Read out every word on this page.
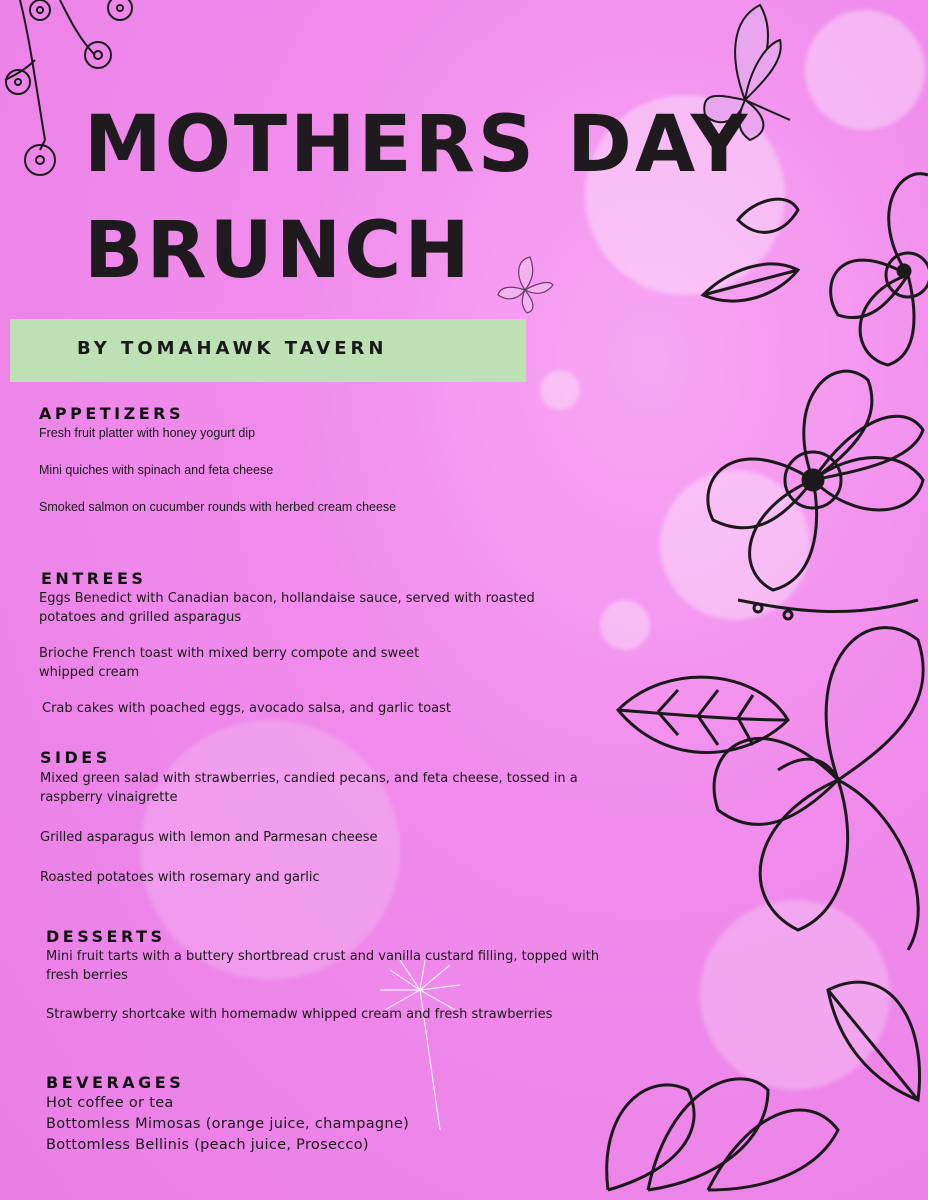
MOTHERS DAY
BRUNCH
BY TOMAHAWK TAVERN
APPETIZERS

Fresh fruit platter with honey yogurt dip

Mini quiches with spinach and feta cheese

Smoked salmon on cucumber rounds with herbed cream cheese

ENTREES

Eggs Benedict with Canadian bacon, hollandaise sauce, served with roasted potatoes and grilled asparagus

Brioche French toast with mixed berry compote and sweet whipped cream

Crab cakes with poached eggs, avocado salsa, and garlic toast

SIDES

Mixed green salad with strawberries, candied pecans, and feta cheese, tossed in a raspberry vinaigrette

Grilled asparagus with lemon and Parmesan cheese

Roasted potatoes with rosemary and garlic

DESSERTS

Mini fruit tarts with a buttery shortbread crust and vanilla custard filling, topped with fresh berries

Strawberry shortcake with homemadw whipped cream and fresh strawberries

BEVERAGES

Hot coffee or tea

Bottomless Mimosas (orange juice, champagne)

Bottomless Bellinis (peach juice, Prosecco)
